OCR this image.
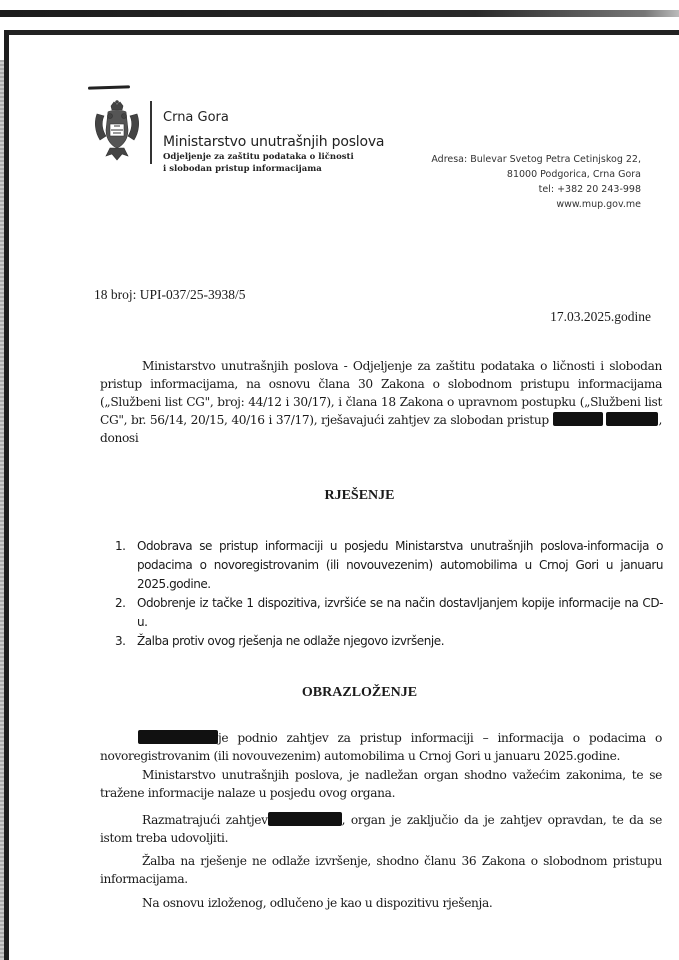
Crna Gora
Ministarstvo unutrašnjih poslova
Odjeljenje za zaštitu podataka o ličnosti
i slobodan pristup informacijama
Adresa: Bulevar Svetog Petra Cetinjskog 22,
81000 Podgorica, Crna Gora
tel: +382 20 243-998
www.mup.gov.me
18 broj: UPI-037/25-3938/5
17.03.2025.godine

Ministarstvo unutrašnjih poslova - Odjeljenje za zaštitu podataka o ličnosti i slobodan pristup informacijama, na osnovu člana 30 Zakona o slobodnom pristupu informacijama („Službeni list CG", broj: 44/12 i 30/17), i člana 18 Zakona o upravnom postupku („Službeni list CG", br. 56/14, 20/15, 40/16 i 37/17), rješavajući zahtjev za slobodan pristup	, donosi

RJEŠENJE
1. Odobrava se pristup informaciji u posjedu Ministarstva unutrašnjih poslova-informacija o podacima o novoregistrovanim (ili novouvezenim) automobilima u Crnoj Gori u januaru 2025.godine.
2. Odobrenje iz tačke 1 dispozitiva, izvršiće se na način dostavljanjem kopije informacije na CD-u.
3. Žalba protiv ovog rješenja ne odlaže njegovo izvršenje.
OBRAZLOŽENJE

je podnio zahtjev za pristup informaciji – informacija o podacima o novoregistrovanim (ili novouvezenim) automobilima u Crnoj Gori u januaru 2025.godine.

Ministarstvo unutrašnjih poslova, je nadležan organ shodno važećim zakonima, te se tražene informacije nalaze u posjedu ovog organa.

Razmatrajući zahtjev	, organ je zaključio da je zahtjev opravdan, te da se istom treba udovoljiti.

Žalba na rješenje ne odlaže izvršenje, shodno članu 36 Zakona o slobodnom pristupu informacijama.

Na osnovu izloženog, odlučeno je kao u dispozitivu rješenja.
